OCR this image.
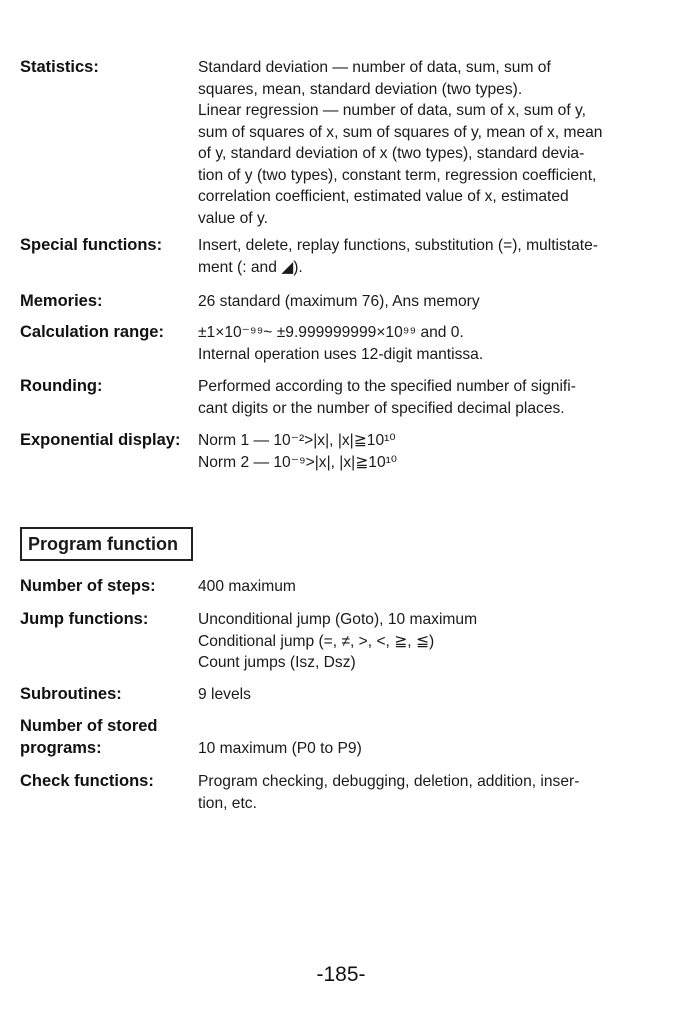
Statistics:	Standard deviation — number of data, sum, sum of
squares, mean, standard deviation (two types).
Linear regression — number of data, sum of x, sum of y,
sum of squares of x, sum of squares of y, mean of x, mean
of y, standard deviation of x (two types), standard devia-
tion of y (two types), constant term, regression coefficient,
correlation coefficient, estimated value of x, estimated
value of y.
Special functions:	Insert, delete, replay functions, substitution (=), multistate-
ment (: and ◢).
Memories:	26 standard (maximum 76), Ans memory
Calculation range:	±1×10⁻⁹⁹~ ±9.999999999×10⁹⁹ and 0.
Internal operation uses 12-digit mantissa.
Rounding:	Performed according to the specified number of signifi-
cant digits or the number of specified decimal places.
Exponential display:	Norm 1 — 10⁻²>|x|, |x|≧10¹⁰
Norm 2 — 10⁻⁹>|x|, |x|≧10¹⁰
Program function
Number of steps:	400 maximum
Jump functions:	Unconditional jump (Goto), 10 maximum
Conditional jump (=, ≠, >, <, ≧, ≦)
Count jumps (Isz, Dsz)
Subroutines:	9 levels
Number of stored programs:	10 maximum (P0 to P9)
Check functions:	Program checking, debugging, deletion, addition, inser-
tion, etc.
-185-
